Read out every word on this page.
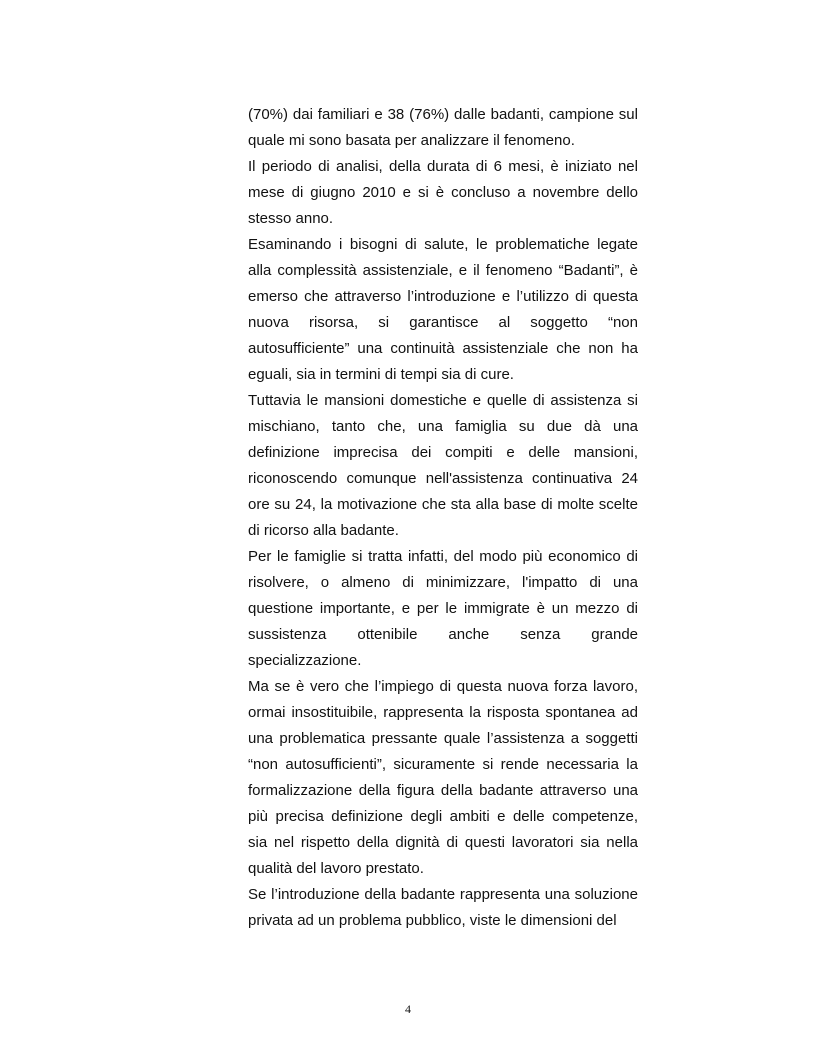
(70%) dai familiari e 38 (76%) dalle badanti, campione sul quale mi sono basata per analizzare il fenomeno.

Il periodo di analisi, della durata di 6 mesi, è iniziato nel mese di giugno 2010 e si è concluso a novembre dello stesso anno.

Esaminando i bisogni di salute, le problematiche legate alla complessità assistenziale, e il fenomeno “Badanti”, è emerso che attraverso l’introduzione e l’utilizzo di questa nuova risorsa, si garantisce al soggetto “non autosufficiente” una continuità assistenziale che non ha eguali, sia in termini di tempi sia di cure.

Tuttavia le mansioni domestiche e quelle di assistenza si mischiano, tanto che, una famiglia su due dà una definizione imprecisa dei compiti e delle mansioni, riconoscendo comunque nell'assistenza continuativa 24 ore su 24, la motivazione che sta alla base di molte scelte di ricorso alla badante.

Per le famiglie si tratta infatti, del modo più economico di risolvere, o almeno di minimizzare, l'impatto di una questione importante, e per le immigrate è un mezzo di sussistenza ottenibile anche senza grande specializzazione.

Ma se è vero che l’impiego di questa nuova forza lavoro, ormai insostituibile, rappresenta la risposta spontanea ad una problematica pressante quale l’assistenza a soggetti “non autosufficienti”, sicuramente si rende necessaria la formalizzazione della figura della badante attraverso una più precisa definizione degli ambiti e delle competenze, sia nel rispetto della dignità di questi lavoratori sia nella qualità del lavoro prestato.

Se l’introduzione della badante rappresenta una soluzione privata ad un problema pubblico, viste le dimensioni del

4
